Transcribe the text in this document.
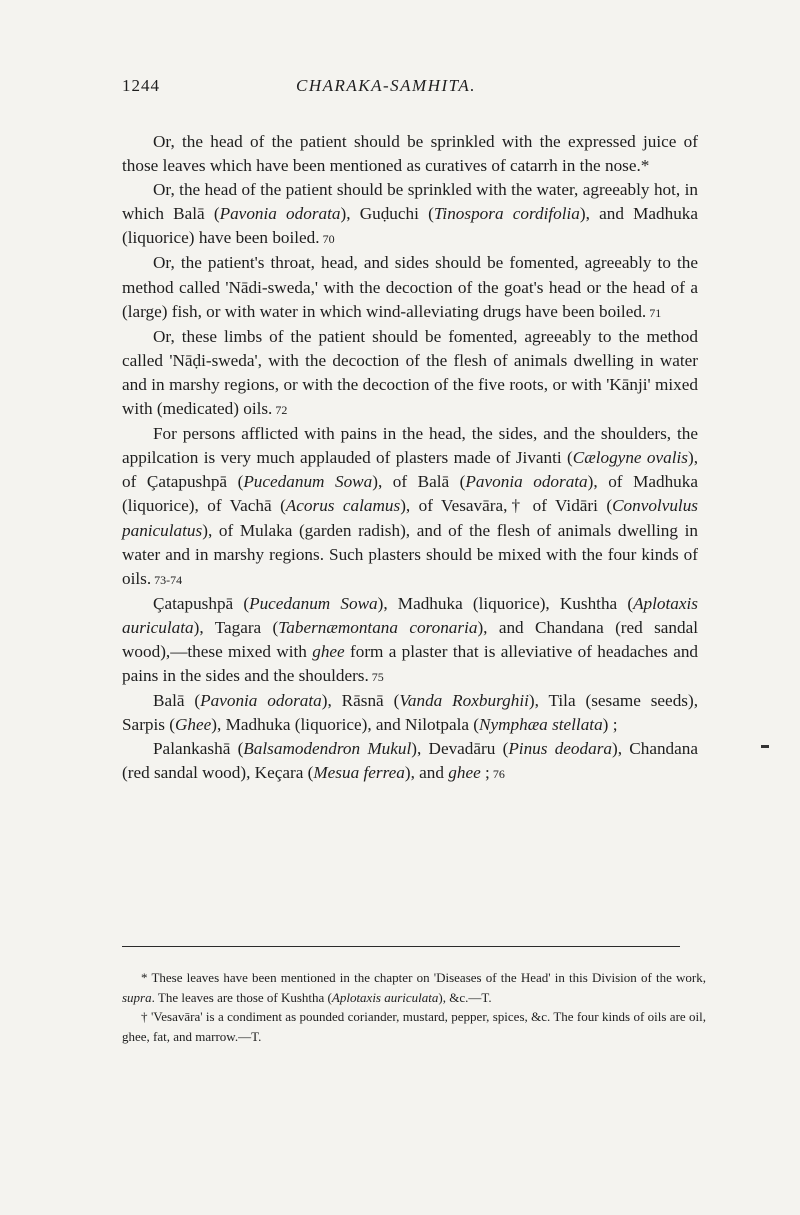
1244	CHARAKA-SAMHITA.

Or, the head of the patient should be sprinkled with the expressed juice of those leaves which have been mentioned as curatives of catarrh in the nose.*

Or, the head of the patient should be sprinkled with the water, agreeably hot, in which Balā (Pavonia odorata), Guḍuchi (Tinospora cordifolia), and Madhuka (liquorice) have been boiled. 70

Or, the patient's throat, head, and sides should be fomented, agreeably to the method called 'Nādi-sweda,' with the decoction of the goat's head or the head of a (large) fish, or with water in which wind-alleviating drugs have been boiled. 71

Or, these limbs of the patient should be fomented, agreeably to the method called 'Nāḍi-sweda', with the decoction of the flesh of animals dwelling in water and in marshy regions, or with the decoction of the five roots, or with 'Kānji' mixed with (medicated) oils. 72

For persons afflicted with pains in the head, the sides, and the shoulders, the appilcation is very much applauded of plasters made of Jivanti (Cælogyne ovalis), of Çatapushpā (Pucedanum Sowa), of Balā (Pavonia odorata), of Madhuka (liquorice), of Vachā (Acorus calamus), of Vesavāra,† of Vidāri (Convolvulus paniculatus), of Mulaka (garden radish), and of the flesh of animals dwelling in water and in marshy regions. Such plasters should be mixed with the four kinds of oils. 73-74

Çatapushpā (Pucedanum Sowa), Madhuka (liquorice), Kushtha (Aplotaxis auriculata), Tagara (Tabernæmontana coronaria), and Chandana (red sandal wood),—these mixed with ghee form a plaster that is alleviative of headaches and pains in the sides and the shoulders. 75

Balā (Pavonia odorata), Rāsnā (Vanda Roxburghii), Tila (sesame seeds), Sarpis (Ghee), Madhuka (liquorice), and Nilotpala (Nymphæa stellata) ;

Palankashā (Balsamodendron Mukul), Devadāru (Pinus deodara), Chandana (red sandal wood), Keçara (Mesua ferrea), and ghee ; 76

* These leaves have been mentioned in the chapter on 'Diseases of the Head' in this Division of the work, supra. The leaves are those of Kushtha (Aplotaxis auriculata), &c.—T.

† 'Vesavāra' is a condiment as pounded coriander, mustard, pepper, spices, &c. The four kinds of oils are oil, ghee, fat, and marrow.—T.
